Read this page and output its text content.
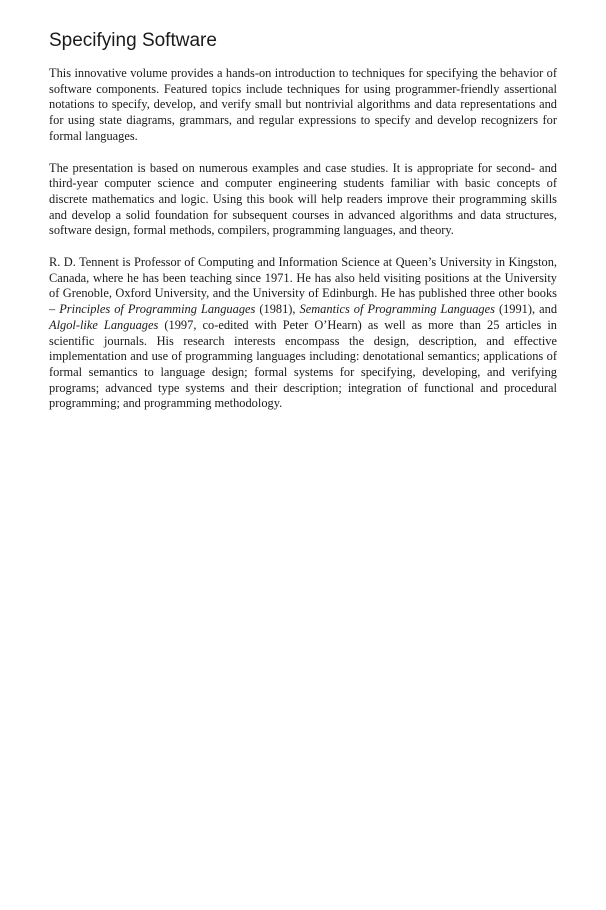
Specifying Software

This innovative volume provides a hands-on introduction to techniques for specifying the behavior of software components. Featured topics include techniques for using programmer-friendly assertional notations to specify, develop, and verify small but nontrivial algorithms and data representations and for using state diagrams, grammars, and regular expressions to specify and develop recognizers for formal languages.

The presentation is based on numerous examples and case studies. It is appropriate for second- and third-year computer science and computer engineering students familiar with basic concepts of discrete mathematics and logic. Using this book will help readers improve their programming skills and develop a solid foundation for subsequent courses in advanced algorithms and data structures, software design, formal methods, compilers, programming languages, and theory.

R. D. Tennent is Professor of Computing and Information Science at Queen’s University in Kingston, Canada, where he has been teaching since 1971. He has also held visiting positions at the University of Grenoble, Oxford University, and the University of Edinburgh. He has published three other books – Principles of Programming Languages (1981), Semantics of Programming Languages (1991), and Algol-like Languages (1997, co-edited with Peter O’Hearn) as well as more than 25 articles in scientific journals. His research interests encompass the design, description, and effective implementation and use of programming languages including: denotational semantics; applications of formal semantics to language design; formal systems for specifying, developing, and verifying programs; advanced type systems and their description; integration of functional and procedural programming; and programming methodology.
